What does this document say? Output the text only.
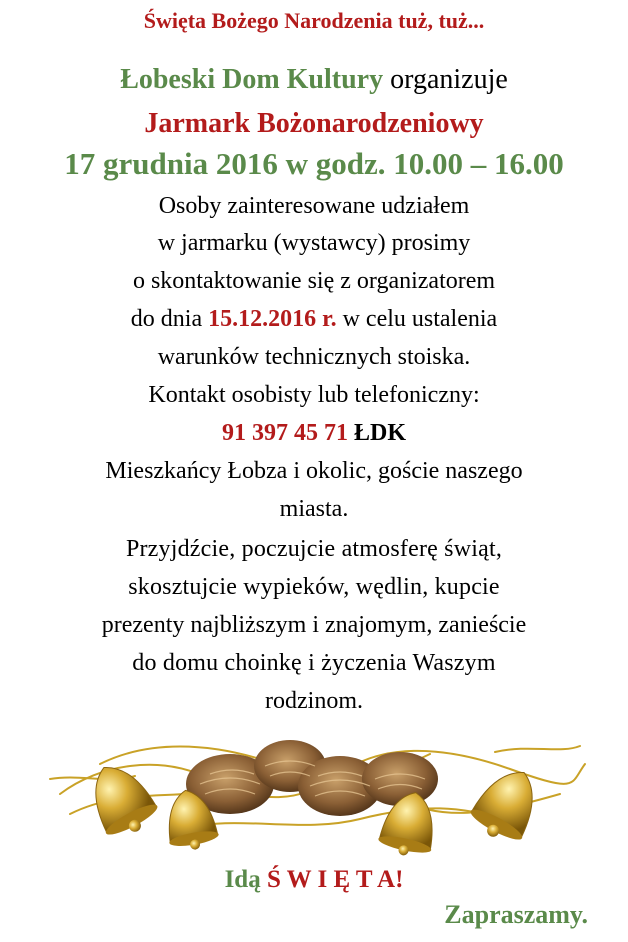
Święta Bożego Narodzenia tuż, tuż...
Łobeski Dom Kultury organizuje
Jarmark Bożonarodzeniowy
17 grudnia 2016 w godz. 10.00 – 16.00
Osoby zainteresowane udziałem
w jarmarku (wystawcy) prosimy
o skontaktowanie się z organizatorem
do dnia 15.12.2016 r. w celu ustalenia
warunków technicznych stoiska.
Kontakt osobisty lub telefoniczny:
91 397 45 71 ŁDK
Mieszkańcy Łobza i okolic, goście naszego
miasta.
Przyjdźcie, poczujcie atmosferę świąt,
skosztujcie wypieków, wędlin, kupcie
prezenty najbliższym i znajomym, zanieście
do domu choinkę i życzenia Waszym
rodzinom.
Idą Ś W I Ę T A!
Zapraszamy.
